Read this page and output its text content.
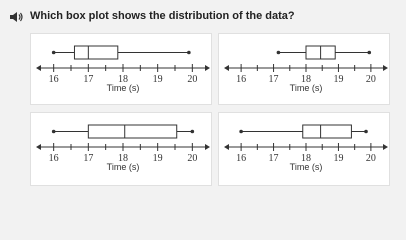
Which box plot shows the distribution of the data?
16 17 18 19 20
Time (s)
16 17 18 19 20
Time (s)
16 17 18 19 20
Time (s)
16 17 18 19 20
Time (s)
